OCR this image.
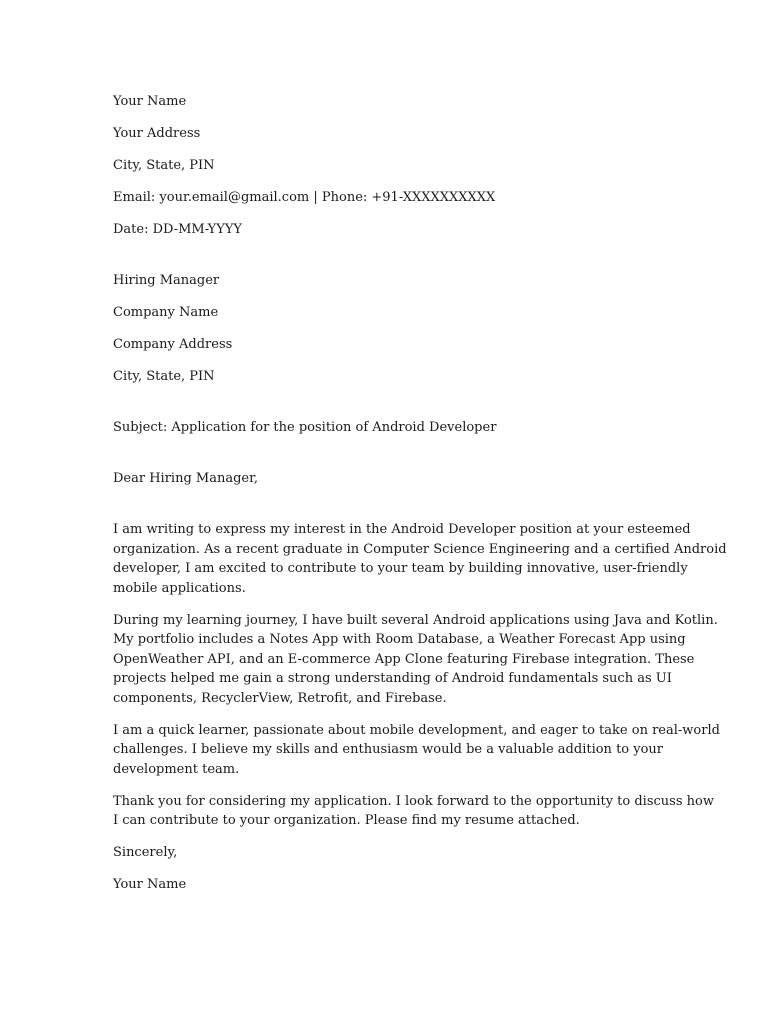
Your Name

Your Address

City, State, PIN

Email: your.email@gmail.com | Phone: +91-XXXXXXXXXX

Date: DD-MM-YYYY

Hiring Manager

Company Name

Company Address

City, State, PIN

Subject: Application for the position of Android Developer

Dear Hiring Manager,

I am writing to express my interest in the Android Developer position at your esteemed
organization. As a recent graduate in Computer Science Engineering and a certified Android
developer, I am excited to contribute to your team by building innovative, user-friendly
mobile applications.
During my learning journey, I have built several Android applications using Java and Kotlin.
My portfolio includes a Notes App with Room Database, a Weather Forecast App using
OpenWeather API, and an E-commerce App Clone featuring Firebase integration. These
projects helped me gain a strong understanding of Android fundamentals such as UI
components, RecyclerView, Retrofit, and Firebase.
I am a quick learner, passionate about mobile development, and eager to take on real-world
challenges. I believe my skills and enthusiasm would be a valuable addition to your
development team.
Thank you for considering my application. I look forward to the opportunity to discuss how
I can contribute to your organization. Please find my resume attached.

Sincerely,

Your Name
